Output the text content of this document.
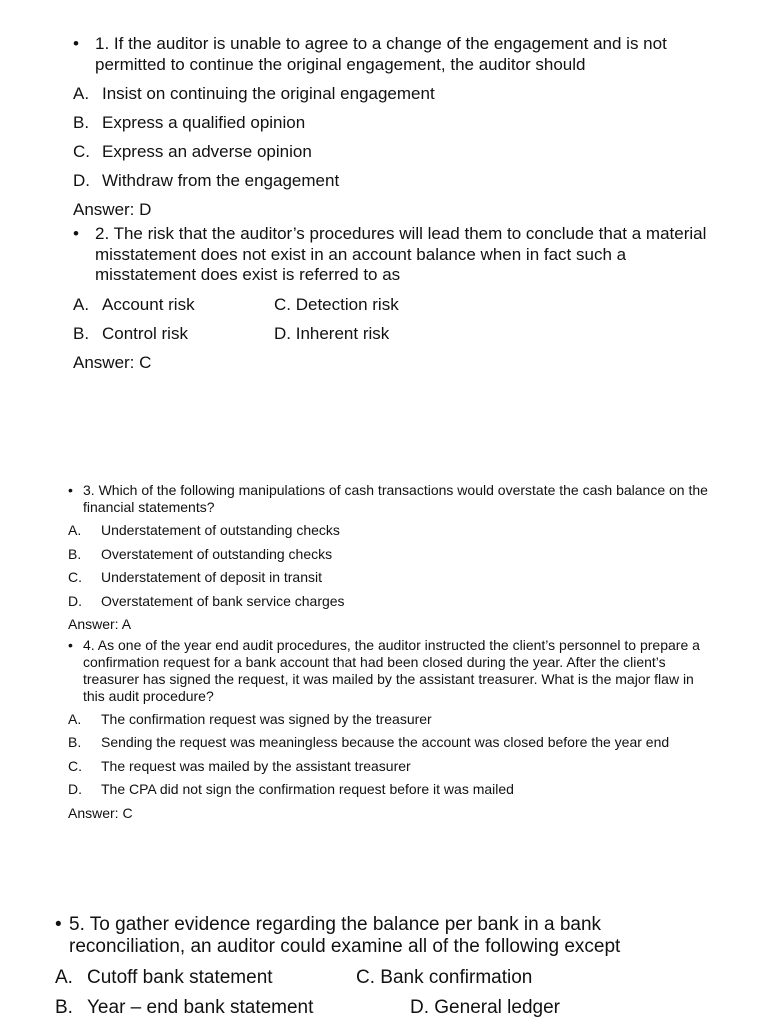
• 1. If the auditor is unable to agree to a change of the engagement and is not permitted to continue the original engagement, the auditor should
A. Insist on continuing the original engagement
B. Express a qualified opinion
C. Express an adverse opinion
D. Withdraw from the engagement
Answer: D
• 2. The risk that the auditor’s procedures will lead them to conclude that a material misstatement does not exist in an account balance when in fact such a misstatement does exist is referred to as
A. Account risk	C. Detection risk
B. Control risk	D. Inherent risk
Answer: C
• 3. Which of the following manipulations of cash transactions would overstate the cash balance on the financial statements?
A. Understatement of outstanding checks
B. Overstatement of outstanding checks
C. Understatement of deposit in transit
D. Overstatement of bank service charges
Answer: A
• 4. As one of the year end audit procedures, the auditor instructed the client’s personnel to prepare a confirmation request for a bank account that had been closed during the year. After the client’s treasurer has signed the request, it was mailed by the assistant treasurer. What is the major flaw in this audit procedure?
A. The confirmation request was signed by the treasurer
B. Sending the request was meaningless because the account was closed before the year end
C. The request was mailed by the assistant treasurer
D. The CPA did not sign the confirmation request before it was mailed
Answer: C
• 5. To gather evidence regarding the balance per bank in a bank reconciliation, an auditor could examine all of the following except
A. Cutoff bank statement	C. Bank confirmation
B. Year – end bank statement	D. General ledger
